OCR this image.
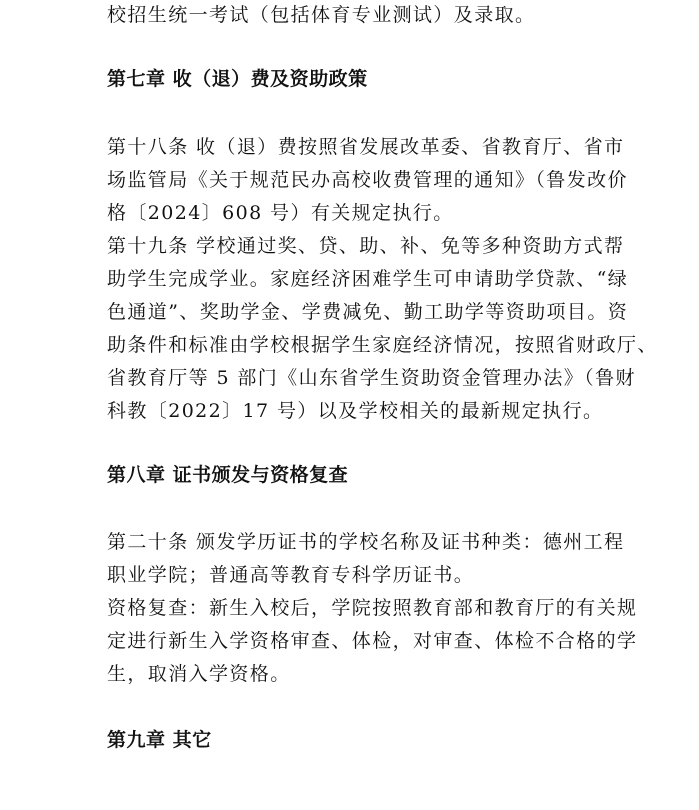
校招生统一考试（包括体育专业测试）及录取。
第七章 收（退）费及资助政策
第十八条 收（退）费按照省发展改革委、省教育厅、省市
场监管局《关于规范民办高校收费管理的通知》（鲁发改价
格〔2024〕608 号）有关规定执行。
第十九条 学校通过奖、贷、助、补、免等多种资助方式帮
助学生完成学业。家庭经济困难学生可申请助学贷款、“绿
色通道”、奖助学金、学费减免、勤工助学等资助项目。资
助条件和标准由学校根据学生家庭经济情况，按照省财政厅、
省教育厅等 5 部门《山东省学生资助资金管理办法》（鲁财
科教〔2022〕17 号）以及学校相关的最新规定执行。
第八章 证书颁发与资格复查
第二十条 颁发学历证书的学校名称及证书种类：德州工程
职业学院；普通高等教育专科学历证书。
资格复查：新生入校后，学院按照教育部和教育厅的有关规
定进行新生入学资格审查、体检，对审查、体检不合格的学
生，取消入学资格。
第九章 其它
